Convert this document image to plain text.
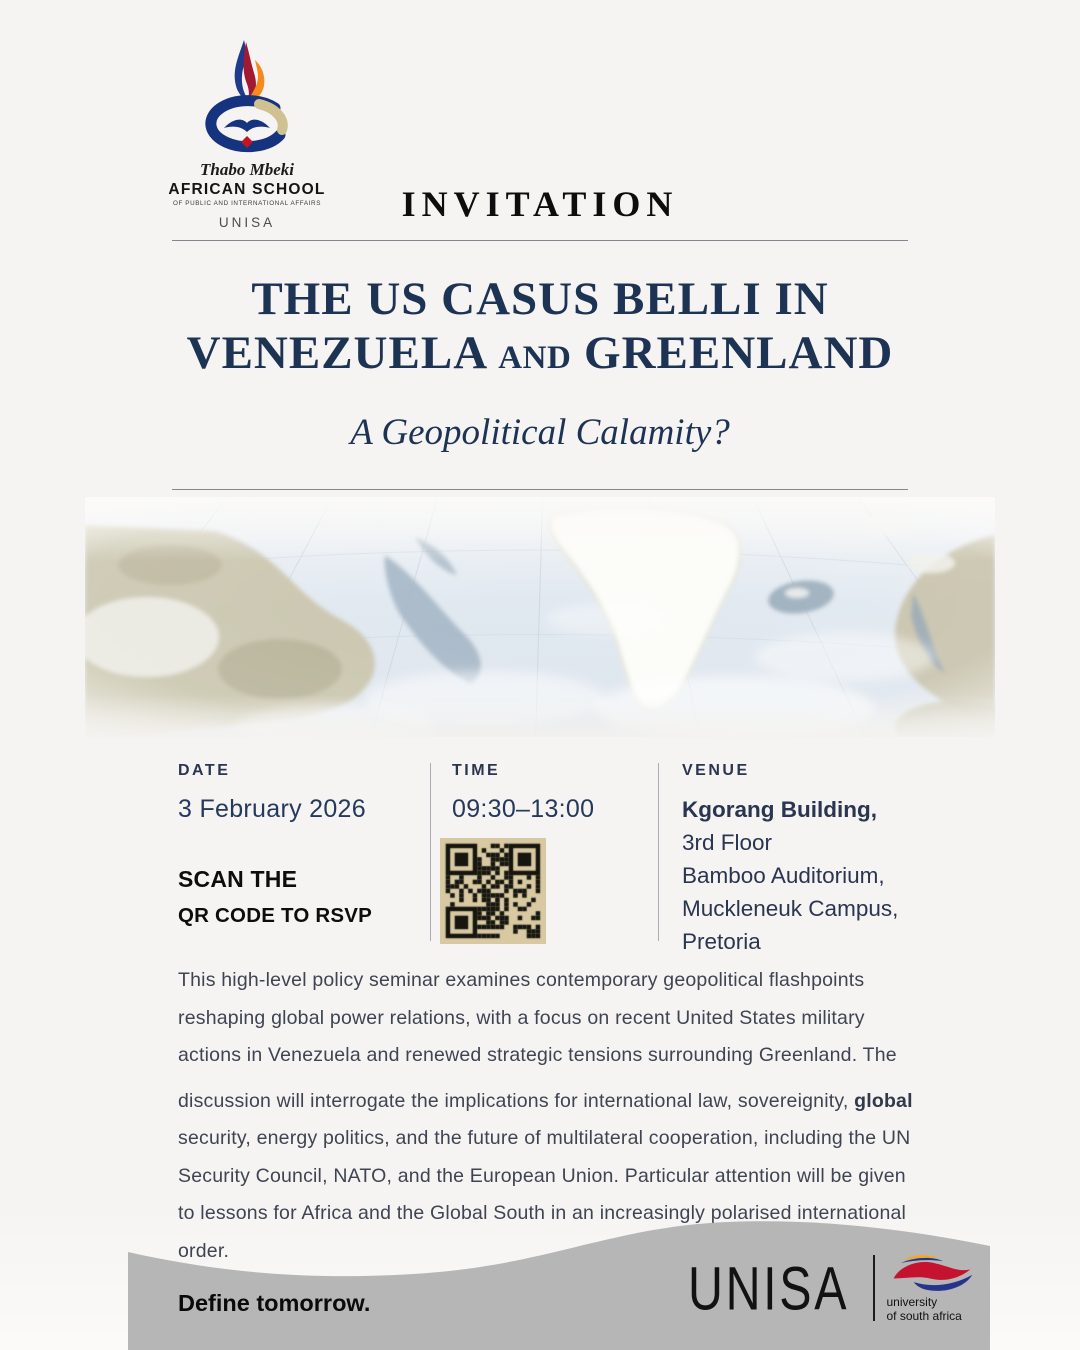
Thabo Mbeki
AFRICAN SCHOOL
OF PUBLIC AND INTERNATIONAL AFFAIRS
UNISA	INVITATION
THE US CASUS BELLI IN
VENEZUELA AND GREENLAND
A Geopolitical Calamity?
DATE
3 February 2026
TIME
09:30–13:00
VENUE
Kgorang Building,
3rd Floor
Bamboo Auditorium,
Muckleneuk Campus,
Pretoria
SCAN THE
QR CODE TO RSVP

This high-level policy seminar examines contemporary geopolitical flashpoints reshaping global power relations, with a focus on recent United States military actions in Venezuela and renewed strategic tensions surrounding Greenland. The

discussion will interrogate the implications for international law, sovereignity, global security, energy politics, and the future of multilateral cooperation, including the UN Security Council, NATO, and the European Union. Particular attention will be given to lessons for Africa and the Global South in an increasingly polarised international order.

Define tomorrow.	UNISA	university
of south africa
